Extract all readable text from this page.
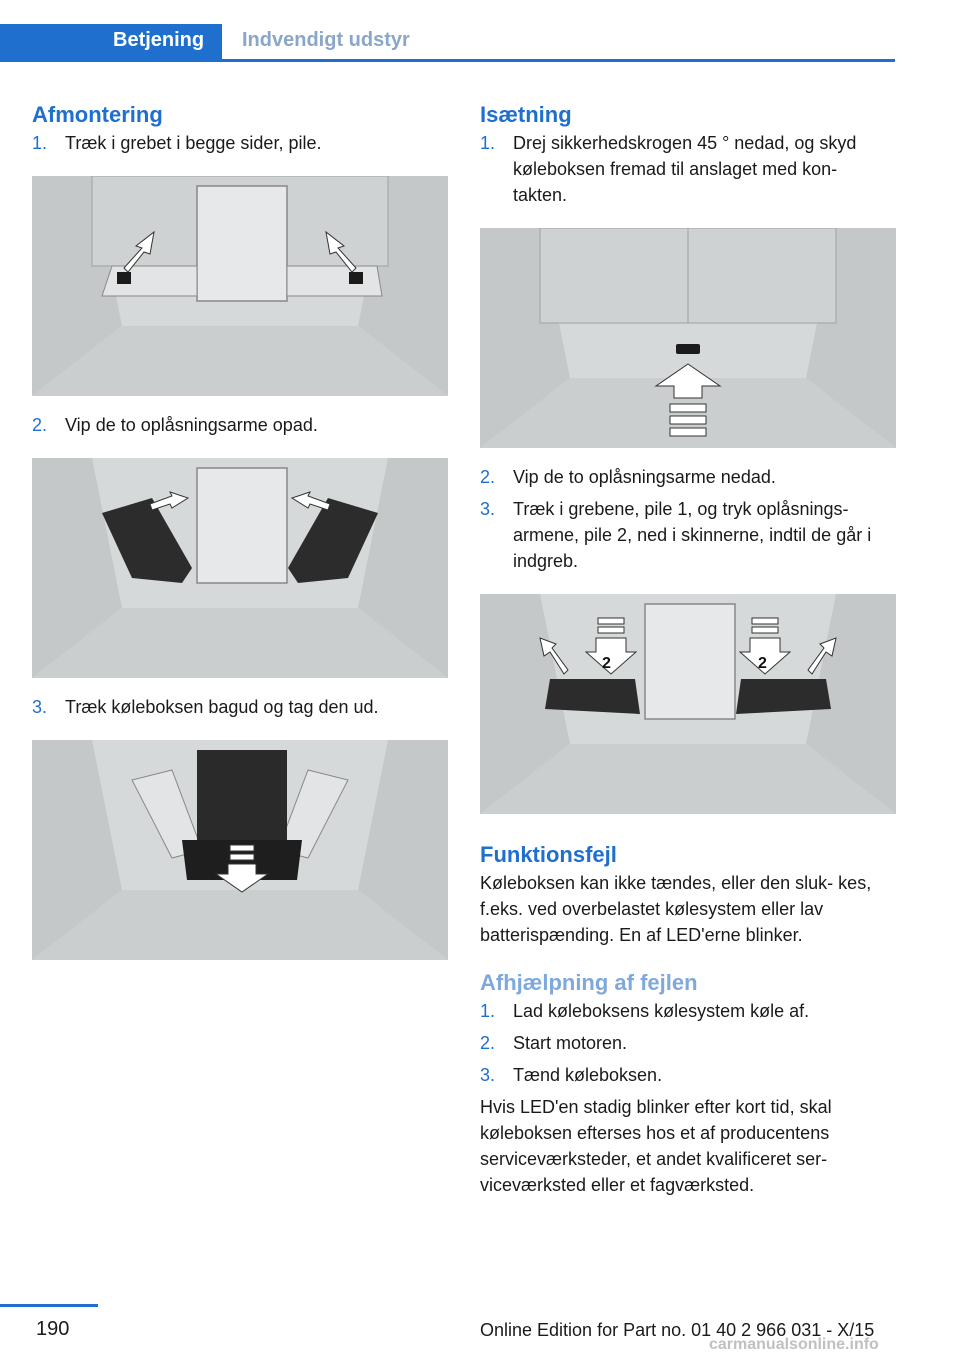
Betjening	Indvendigt udstyr
Afmontering
1. Træk i grebet i begge sider, pile.
2. Vip de to oplåsningsarme opad.
3. Træk køleboksen bagud og tag den ud.
Isætning
1. Drej sikkerhedskrogen 45 ° nedad, og skyd køleboksen fremad til anslaget med kon‐ takten.
2. Vip de to oplåsningsarme nedad.
3. Træk i grebene, pile 1, og tryk oplåsnings‐ armene, pile 2, ned i skinnerne, indtil de går i indgreb.
2	2
Funktionsfejl

Køleboksen kan ikke tændes, eller den sluk‐ kes, f.eks. ved overbelastet kølesystem eller lav batterispænding. En af LED'erne blinker.

Afhjælpning af fejlen
1. Lad køleboksens kølesystem køle af.
2. Start motoren.
3. Tænd køleboksen.

Hvis LED'en stadig blinker efter kort tid, skal køleboksen efterses hos et af producentens serviceværksteder, et andet kvalificeret ser‐ viceværksted eller et fagværksted.

190	Online Edition for Part no. 01 40 2 966 031 - X/15
carmanualsonline.info
